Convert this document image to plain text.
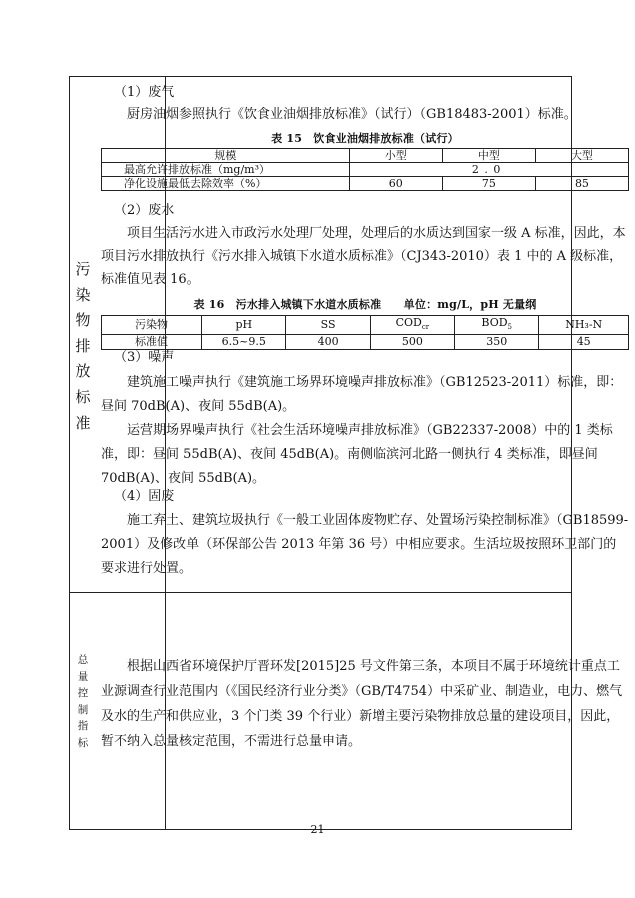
污
染
物
排
放
标
准
总
量
控
制
指
标

（1）废气

厨房油烟参照执行《饮食业油烟排放标准》（试行）（GB18483-2001）标准。

表 15　饮食业油烟排放标准（试行）

规模	小型	中型	大型
最高允许排放标准（mg/m³）	2.0		
净化设施最低去除效率（%）	60	75	85

（2）废水

项目生活污水进入市政污水处理厂处理，处理后的水质达到国家一级 A 标准，因此，本项目污水排放执行《污水排入城镇下水道水质标准》（CJ343-2010）表 1 中的 A 级标准，标准值见表 16。

表 16　污水排入城镇下水道水质标准　　单位：mg/L，pH 无量纲

污染物	pH	SS	$COD_{cr}$	$BOD_5$	NH₃-N
标准值	6.5~9.5	400	500	350	45

（3）噪声

建筑施工噪声执行《建筑施工场界环境噪声排放标准》（GB12523-2011）标准，即：昼间 70dB(A)、夜间 55dB(A)。

运营期场界噪声执行《社会生活环境噪声排放标准》（GB22337-2008）中的 1 类标准，即：昼间 55dB(A)、夜间 45dB(A)。南侧临滨河北路一侧执行 4 类标准，即昼间 70dB(A)、夜间 55dB(A)。

（4）固废

施工弃土、建筑垃圾执行《一般工业固体废物贮存、处置场污染控制标准》（GB18599-2001）及修改单（环保部公告 2013 年第 36 号）中相应要求。生活垃圾按照环卫部门的要求进行处置。

根据山西省环境保护厅晋环发[2015]25 号文件第三条，本项目不属于环境统计重点工业源调查行业范围内（《国民经济行业分类》（GB/T4754）中采矿业、制造业，电力、燃气及水的生产和供应业，3 个门类 39 个行业）新增主要污染物排放总量的建设项目，因此，暂不纳入总量核定范围，不需进行总量申请。

21
